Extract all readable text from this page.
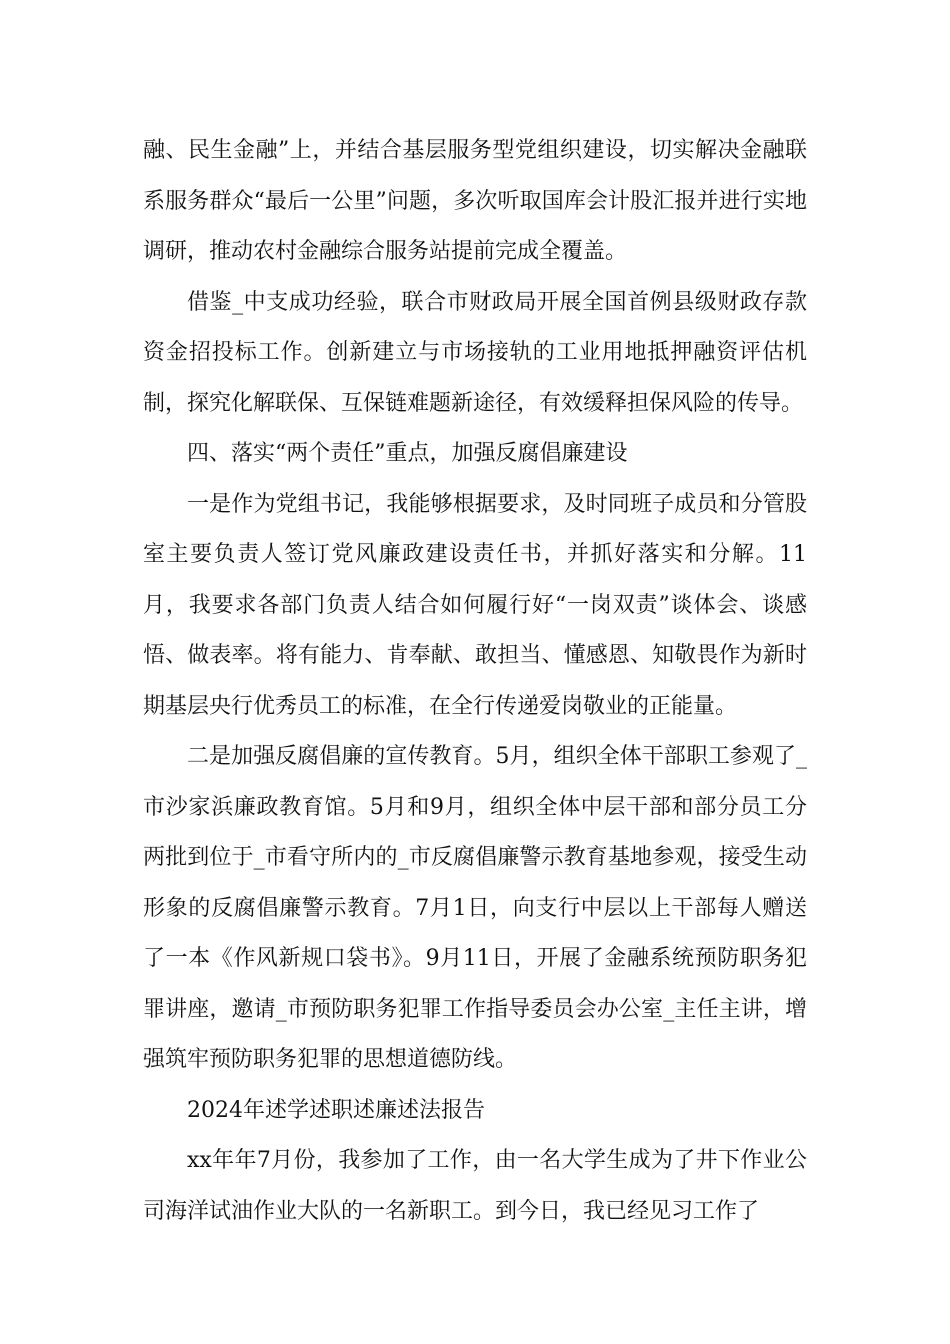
融、民生金融”上，并结合基层服务型党组织建设，切实解决金融联系服务群众“最后一公里”问题，多次听取国库会计股汇报并进行实地调研，推动农村金融综合服务站提前完成全覆盖。

借鉴_中支成功经验，联合市财政局开展全国首例县级财政存款资金招投标工作。创新建立与市场接轨的工业用地抵押融资评估机制，探究化解联保、互保链难题新途径，有效缓释担保风险的传导。

四、落实“两个责任”重点，加强反腐倡廉建设

一是作为党组书记，我能够根据要求，及时同班子成员和分管股室主要负责人签订党风廉政建设责任书，并抓好落实和分解。11月，我要求各部门负责人结合如何履行好“一岗双责”谈体会、谈感悟、做表率。将有能力、肯奉献、敢担当、懂感恩、知敬畏作为新时期基层央行优秀员工的标准，在全行传递爱岗敬业的正能量。

二是加强反腐倡廉的宣传教育。5月，组织全体干部职工参观了_市沙家浜廉政教育馆。5月和9月，组织全体中层干部和部分员工分两批到位于_市看守所内的_市反腐倡廉警示教育基地参观，接受生动形象的反腐倡廉警示教育。7月1日，向支行中层以上干部每人赠送了一本《作风新规口袋书》。9月11日，开展了金融系统预防职务犯罪讲座，邀请_市预防职务犯罪工作指导委员会办公室_主任主讲，增强筑牢预防职务犯罪的思想道德防线。

2024年述学述职述廉述法报告

xx年年7月份，我参加了工作，由一名大学生成为了井下作业公司海洋试油作业大队的一名新职工。到今日，我已经见习工作了
